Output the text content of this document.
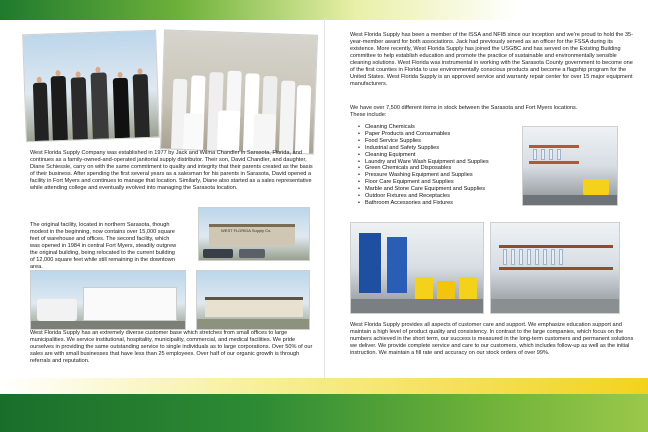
West Florida Supply Company was established in 1977 by Jack and Wilma Chandler in Sarasota, Florida, and continues as a family-owned-and-operated janitorial supply distributor. Their son, David Chandler, and daughter, Diane Schiessle, carry on with the same commitment to quality and integrity that their parents created as the basis of their business. After spending the first several years as a salesman for his parents in Sarasota, David opened a facility in Fort Myers and continues to manage that location. Similarly, Diane also started as a sales representative while attending college and eventually evolved into managing the Sarasota location.
The original facility, located in northern Sarasota, though modest in the beginning, now contains over 15,000 square feet of warehouse and offices. The second facility, which was opened in 1984 in central Fort Myers, steadily outgrew the original building, being relocated to the current building of 12,000 square feet while still remaining in the downtown area.
WEST FLORIDA Supply Co.
West Florida Supply has an extremely diverse customer base which stretches from small offices to large municipalities. We service institutional, hospitality, municipality, commercial, and medical facilities. We pride ourselves in providing the same outstanding service to single individuals as to large corporations. Over 50% of our sales are with small businesses that have less than 25 employees. Over half of our organic growth is through referrals and reputation.
West Florida Supply has been a member of the ISSA and NFIB since our inception and we're proud to hold the 35-year-member award for both associations. Jack had previously served as an officer for the FSSA during its existence. More recently, West Florida Supply has joined the USGBC and has served on the Existing Building committee to help establish education and promote the practice of sustainable and environmentally sensible cleaning solutions. West Florida was instrumental in working with the Sarasota County government to become one of the first counties in Florida to use environmentally conscious products and become a flagship program for the United States. West Florida Supply is an approved service and warranty repair center for over 15 major equipment manufacturers.
We have over 7,500 different items in stock between the Sarasota and Fort Myers locations. These include:
• Cleaning Chemicals
• Paper Products and Consumables
• Food Service Supplies
• Industrial and Safety Supplies
• Cleaning Equipment
• Laundry and Ware Wash Equipment and Supplies
• Green Chemicals and Disposables
• Pressure Washing Equipment and Supplies
• Floor Care Equipment and Supplies
• Marble and Stone Care Equipment and Supplies
• Outdoor Fixtures and Receptacles
• Bathroom Accessories and Fixtures
West Florida Supply provides all aspects of customer care and support. We emphasize education support and maintain a high level of product quality and consistency. In contrast to the large companies, which focus on the numbers achieved in the short term, our success is measured in the long-term customers and permanent solutions we deliver. We provide complete service and care to our customers, which includes follow-up as well as the initial instruction. We maintain a fill rate and accuracy on our stock orders of over 99%.
